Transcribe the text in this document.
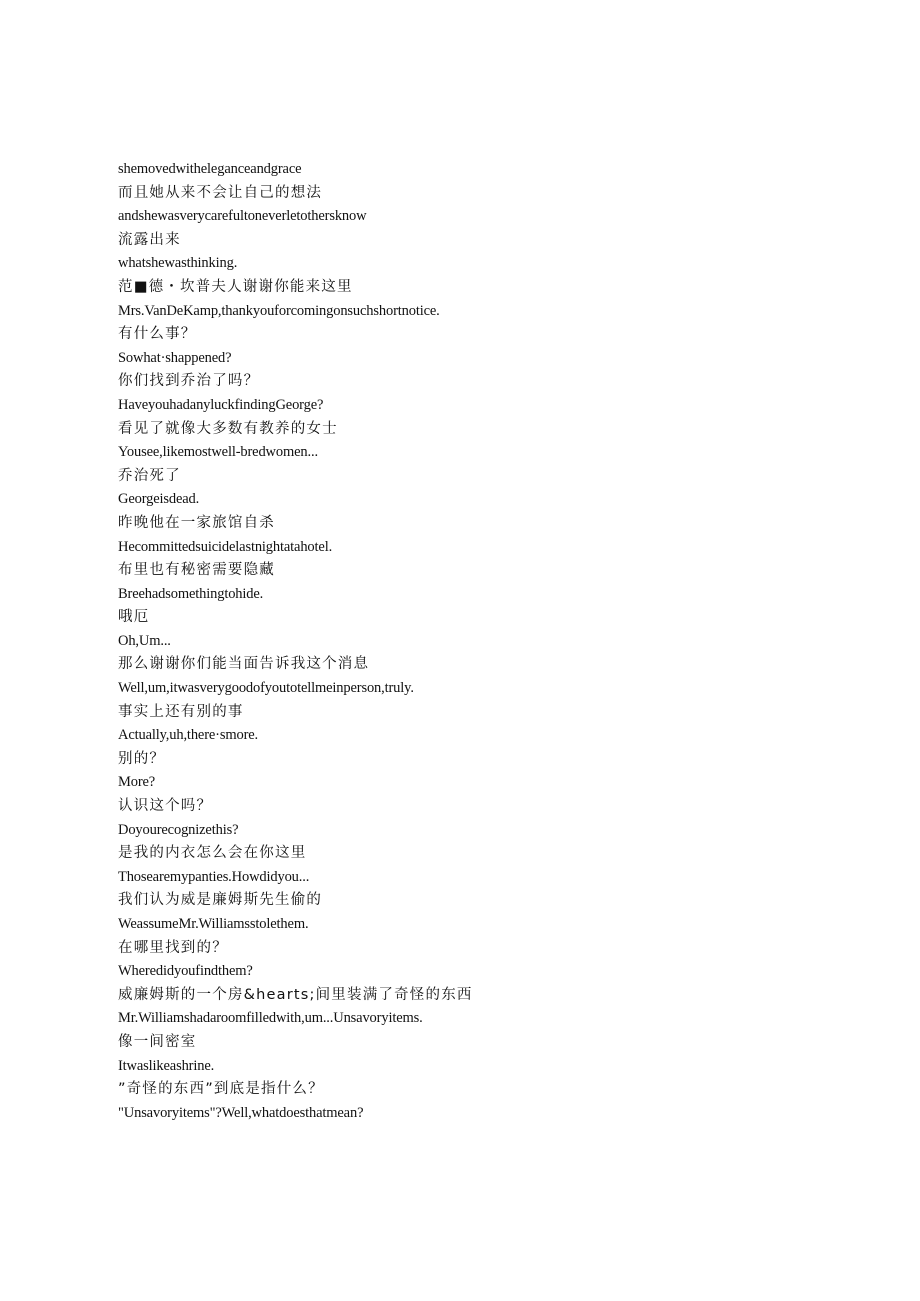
shemovedwitheleganceandgrace
而且她从来不会让自己的想法
andshewasverycarefultoneverletothersknow
流露出来
whatshewasthinking.
范■德・坎普夫人谢谢你能来这里
Mrs.VanDeKamp,thankyouforcomingonsuchshortnotice.
有什么事？
Sowhat·shappened?
你们找到乔治了吗？
HaveyouhadanyluckfindingGeorge?
看见了就像大多数有教养的女士
Yousee,likemostwell-bredwomen...
乔治死了
Georgeisdead.
昨晚他在一家旅馆自杀
Hecommittedsuicidelastnightatahotel.
布里也有秘密需要隐藏
Breehadsomethingtohide.
哦厄
Oh,Um...
那么谢谢你们能当面告诉我这个消息
Well,um,itwasverygoodofyoutotellmeinperson,truly.
事实上还有别的事
Actually,uh,there·smore.
别的？
More?
认识这个吗？
Doyourecognizethis?
是我的内衣怎么会在你这里
Thosearemypanties.Howdidyou...
我们认为威是廉姆斯先生偷的
WeassumeMr.Williamsstolethem.
在哪里找到的？
Wheredidyoufindthem?
威廉姆斯的一个房&hearts;间里装满了奇怪的东西
Mr.Williamshadaroomfilledwith,um...Unsavoryitems.
像一间密室
Itwaslikeashrine.
”奇怪的东西”到底是指什么？
"Unsavoryitems"?Well,whatdoesthatmean?
